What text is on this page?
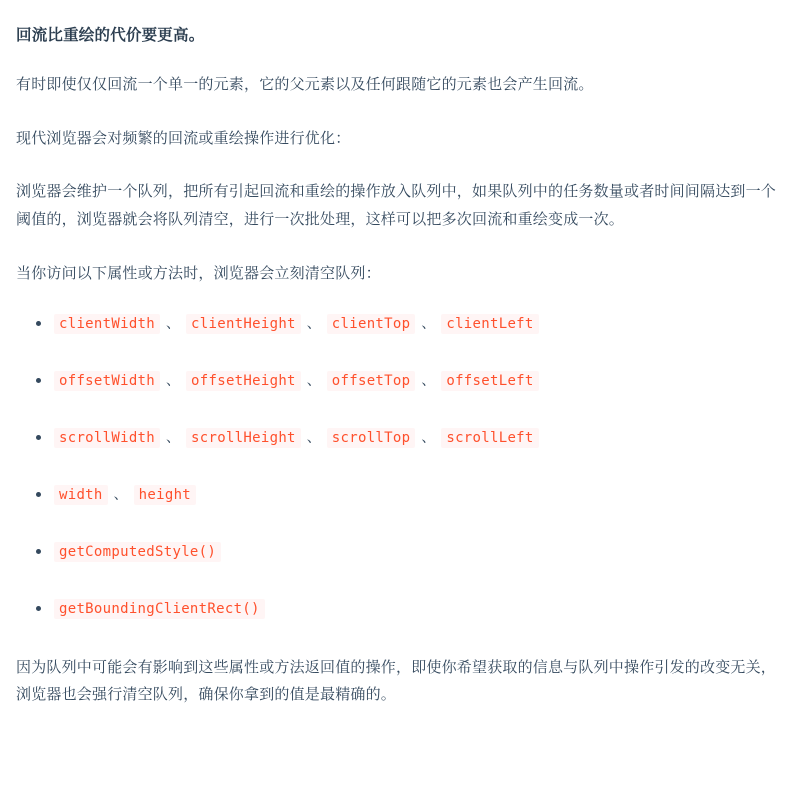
回流比重绘的代价要更高。

有时即使仅仅回流一个单一的元素，它的父元素以及任何跟随它的元素也会产生回流。

现代浏览器会对频繁的回流或重绘操作进行优化：

浏览器会维护一个队列，把所有引起回流和重绘的操作放入队列中，如果队列中的任务数量或者时间间隔达到一个阈值的，浏览器就会将队列清空，进行一次批处理，这样可以把多次回流和重绘变成一次。

当你访问以下属性或方法时，浏览器会立刻清空队列：

clientWidth 、 clientHeight 、 clientTop 、 clientLeft
offsetWidth 、 offsetHeight 、 offsetTop 、 offsetLeft
scrollWidth 、 scrollHeight 、 scrollTop 、 scrollLeft
width 、 height
getComputedStyle()
getBoundingClientRect()

因为队列中可能会有影响到这些属性或方法返回值的操作，即使你希望获取的信息与队列中操作引发的改变无关，浏览器也会强行清空队列，确保你拿到的值是最精确的。
